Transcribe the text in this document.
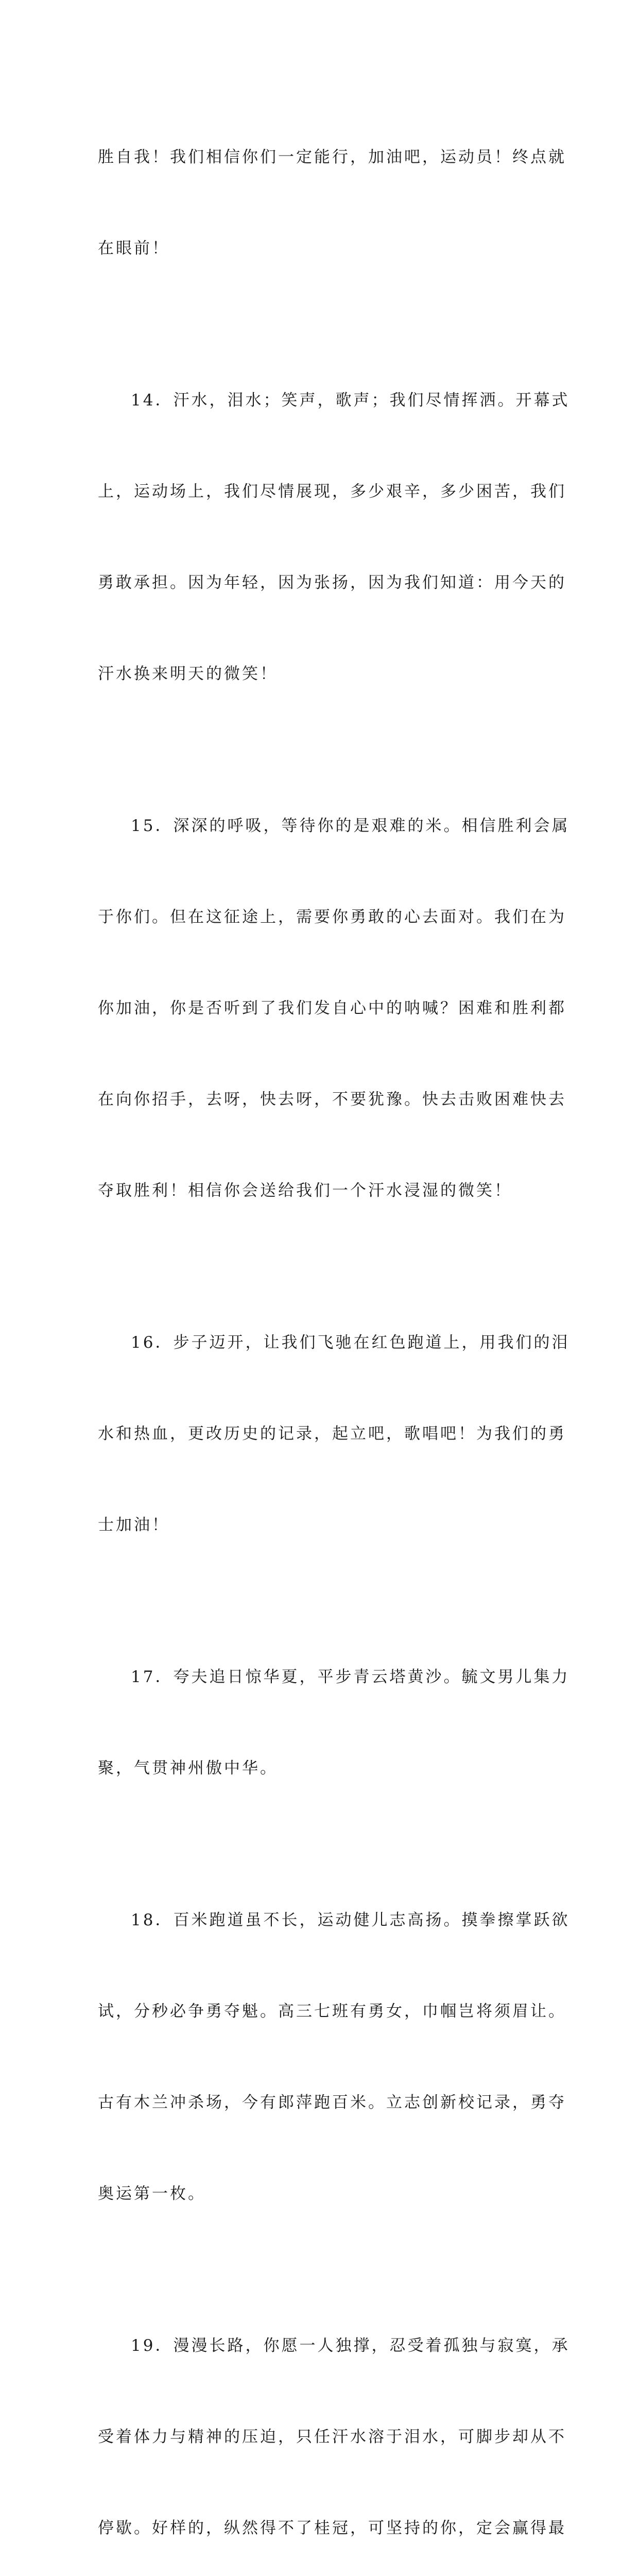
胜自我！我们相信你们一定能行，加油吧，运动员！终点就

在眼前！

14．汗水，泪水；笑声，歌声；我们尽情挥洒。开幕式

上，运动场上，我们尽情展现，多少艰辛，多少困苦，我们

勇敢承担。因为年轻，因为张扬，因为我们知道：用今天的

汗水换来明天的微笑！

15．深深的呼吸，等待你的是艰难的米。相信胜利会属

于你们。但在这征途上，需要你勇敢的心去面对。我们在为

你加油，你是否听到了我们发自心中的呐喊？困难和胜利都

在向你招手，去呀，快去呀，不要犹豫。快去击败困难快去

夺取胜利！相信你会送给我们一个汗水浸湿的微笑！

16．步子迈开，让我们飞驰在红色跑道上，用我们的泪

水和热血，更改历史的记录，起立吧，歌唱吧！为我们的勇

士加油！

17．夸夫追日惊华夏，平步青云塔黄沙。毓文男儿集力

聚，气贯神州傲中华。

18．百米跑道虽不长，运动健儿志高扬。摸拳擦掌跃欲

试，分秒必争勇夺魁。高三七班有勇女，巾帼岂将须眉让。

古有木兰冲杀场，今有郎萍跑百米。立志创新校记录，勇夺

奥运第一枚。

19．漫漫长路，你愿一人独撑，忍受着孤独与寂寞，承

受着体力与精神的压迫，只任汗水溶于泪水，可脚步却从不

停歇。好样的，纵然得不了桂冠，可坚持的你，定会赢得最
